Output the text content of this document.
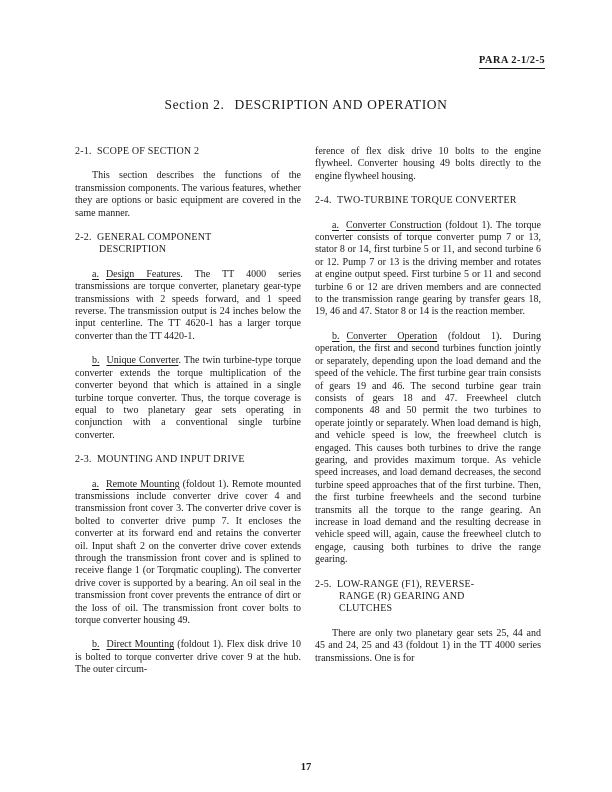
PARA 2-1/2-5
Section 2. DESCRIPTION AND OPERATION

2-1.  SCOPE OF SECTION 2

This section describes the functions of the transmission components. The various features, whether they are options or basic equipment are covered in the same manner.

2-2.  GENERAL COMPONENT
DESCRIPTION

a. Design Features. The TT 4000 series transmissions are torque converter, planetary gear-type transmissions with 2 speeds forward, and 1 speed reverse. The transmission output is 24 inches below the input centerline. The TT 4620-1 has a larger torque converter than the TT 4420-1.

b. Unique Converter. The twin turbine-type torque converter extends the torque multiplication of the converter beyond that which is attained in a single turbine torque converter. Thus, the torque coverage is equal to two planetary gear sets operating in conjunction with a conventional single turbine converter.

2-3.  MOUNTING AND INPUT DRIVE

a. Remote Mounting (foldout 1). Remote mounted transmissions include converter drive cover 4 and transmission front cover 3. The converter drive cover is bolted to converter drive pump 7. It encloses the converter at its forward end and retains the converter oil. Input shaft 2 on the converter drive cover extends through the transmission front cover and is splined to receive flange 1 (or Torqmatic coupling). The converter drive cover is supported by a bearing. An oil seal in the transmission front cover prevents the entrance of dirt or the loss of oil. The transmission front cover bolts to torque converter housing 49.

b. Direct Mounting (foldout 1). Flex disk drive 10 is bolted to torque converter drive cover 9 at the hub. The outer circum-

ference of flex disk drive 10 bolts to the engine flywheel. Converter housing 49 bolts directly to the engine flywheel housing.

2-4.  TWO-TURBINE TORQUE CONVERTER

a. Converter Construction (foldout 1). The torque converter consists of torque converter pump 7 or 13, stator 8 or 14, first turbine 5 or 11, and second turbine 6 or 12. Pump 7 or 13 is the driving member and rotates at engine output speed. First turbine 5 or 11 and second turbine 6 or 12 are driven members and are connected to the transmission range gearing by transfer gears 18, 19, 46 and 47. Stator 8 or 14 is the reaction member.

b. Converter Operation (foldout 1). During operation, the first and second turbines function jointly or separately, depending upon the load demand and the speed of the vehicle. The first turbine gear train consists of gears 19 and 46. The second turbine gear train consists of gears 18 and 47. Freewheel clutch components 48 and 50 permit the two turbines to operate jointly or separately. When load demand is high, and vehicle speed is low, the freewheel clutch is engaged. This causes both turbines to drive the range gearing, and provides maximum torque. As vehicle speed increases, and load demand decreases, the second turbine speed approaches that of the first turbine. Then, the first turbine freewheels and the second turbine transmits all the torque to the range gearing. An increase in load demand and the resulting decrease in vehicle speed will, again, cause the freewheel clutch to engage, causing both turbines to drive the range gearing.

2-5.  LOW-RANGE (F1), REVERSE-
RANGE (R) GEARING AND
CLUTCHES

There are only two planetary gear sets 25, 44 and 45 and 24, 25 and 43 (foldout 1) in the TT 4000 series transmissions. One is for

17
